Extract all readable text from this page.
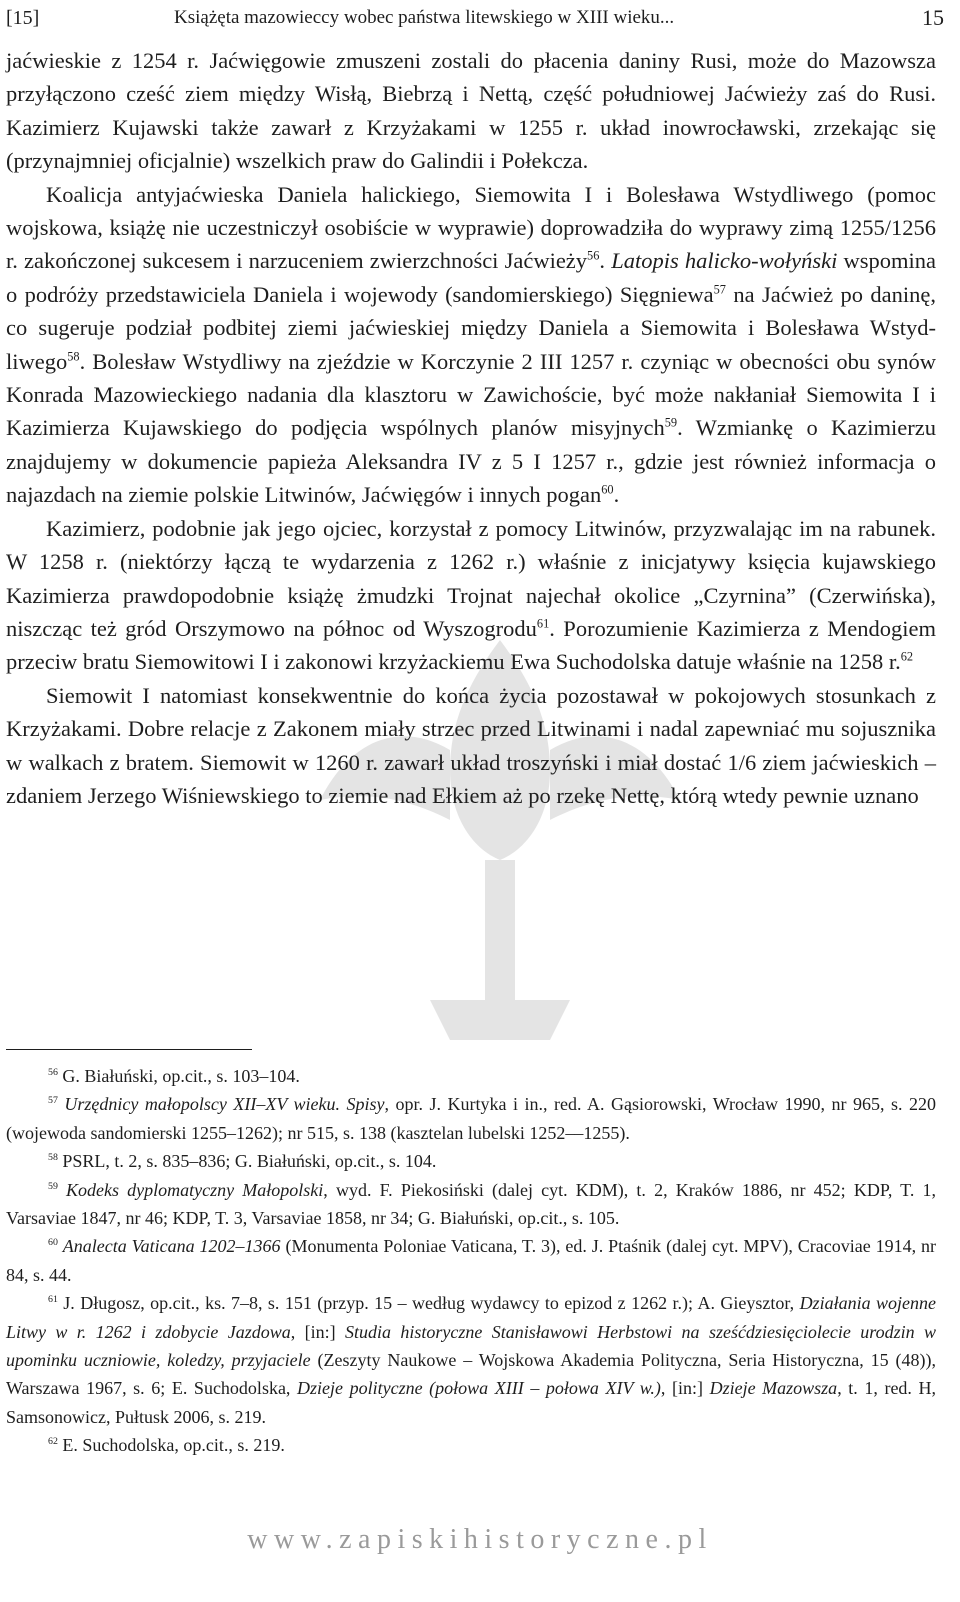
[15]	Książęta mazowieccy wobec państwa litewskiego w XIII wieku...	15

jaćwieskie z 1254 r. Jaćwięgowie zmuszeni zostali do płacenia daniny Rusi, może do Mazowsza przyłączono cześć ziem między Wisłą, Biebrzą i Nettą, część południowej Jaćwieży zaś do Rusi. Kazimierz Kujawski także zawarł z Krzyżakami w 1255 r. układ inowrocławski, zrzekając się (przynajmniej oficjalnie) wszelkich praw do Galindii i Połekcza.

Koalicja antyjaćwieska Daniela halickiego, Siemowita I i Bolesława Wstydliwego (pomoc wojskowa, książę nie uczestniczył osobiście w wyprawie) doprowadziła do wyprawy zimą 1255/1256 r. zakończonej sukcesem i narzuceniem zwierzchności Jaćwieży$^{56}$. Latopis halicko-wołyński wspomina o podróży przedstawiciela Daniela i wojewody (sandomierskiego) Sięgniewa$^{57}$ na Jaćwież po daninę, co sugeruje podział podbitej ziemi jaćwieskiej między Daniela a Siemowita i Bolesława Wstydliwego$^{58}$. Bolesław Wstydliwy na zjeździe w Korczynie 2 III 1257 r. czyniąc w obecności obu synów Konrada Mazowieckiego nadania dla klasztoru w Zawichoście, być może nakłaniał Siemowita I i Kazimierza Kujawskiego do podjęcia wspólnych planów misyjnych$^{59}$. Wzmiankę o Kazimierzu znajdujemy w dokumencie papieża Aleksandra IV z 5 I 1257 r., gdzie jest również informacja o najazdach na ziemie polskie Litwinów, Jaćwięgów i innych pogan$^{60}$.

Kazimierz, podobnie jak jego ojciec, korzystał z pomocy Litwinów, przyzwalając im na rabunek. W 1258 r. (niektórzy łączą te wydarzenia z 1262 r.) właśnie z inicjatywy księcia kujawskiego Kazimierza prawdopodobnie książę żmudzki Trojnat najechał okolice „Czyrnina” (Czerwińska), niszcząc też gród Orszymowo na północ od Wyszogrodu$^{61}$. Porozumienie Kazimierza z Mendogiem przeciw bratu Siemowitowi I i zakonowi krzyżackiemu Ewa Suchodolska datuje właśnie na 1258 r.$^{62}$

Siemowit I natomiast konsekwentnie do końca życia pozostawał w pokojowych stosunkach z Krzyżakami. Dobre relacje z Zakonem miały strzec przed Litwinami i nadal zapewniać mu sojusznika w walkach z bratem. Siemowit w 1260 r. zawarł układ troszyński i miał dostać 1/6 ziem jaćwieskich – zdaniem Jerzego Wiśniewskiego to ziemie nad Ełkiem aż po rzekę Nettę, którą wtedy pewnie uznano

$^{56}$ G. Białuński, op.cit., s. 103–104.

$^{57}$ Urzędnicy małopolscy XII–XV wieku. Spisy, opr. J. Kurtyka i in., red. A. Gąsiorowski, Wrocław 1990, nr 965, s. 220 (wojewoda sandomierski 1255–1262); nr 515, s. 138 (kasztelan lubelski 1252–​–1255).

$^{58}$ PSRL, t. 2, s. 835–836; G. Białuński, op.cit., s. 104.

$^{59}$ Kodeks dyplomatyczny Małopolski, wyd. F. Piekosiński (dalej cyt. KDM), t. 2, Kraków 1886, nr 452; KDP, T. 1, Varsaviae 1847, nr 46; KDP, T. 3, Varsaviae 1858, nr 34; G. Białuński, op.cit., s. 105.

$^{60}$ Analecta Vaticana 1202–1366 (Monumenta Poloniae Vaticana, T. 3), ed. J. Ptaśnik (dalej cyt. MPV), Cracoviae 1914, nr 84, s. 44.

$^{61}$ J. Długosz, op.cit., ks. 7–8, s. 151 (przyp. 15 – według wydawcy to epizod z 1262 r.); A. Gieysztor, Działania wojenne Litwy w r. 1262 i zdobycie Jazdowa, [in:] Studia historyczne Stanisławowi Herbstowi na sześćdziesięciolecie urodzin w upominku uczniowie, koledzy, przyjaciele (Zeszyty Naukowe – Wojskowa Akademia Polityczna, Seria Historyczna, 15 (48)), Warszawa 1967, s. 6; E. Suchodolska, Dzieje polityczne (połowa XIII – połowa XIV w.), [in:] Dzieje Mazowsza, t. 1, red. H, Samsonowicz, Pułtusk 2006, s. 219.

$^{62}$ E. Suchodolska, op.cit., s. 219.

www.zapiskihistoryczne.pl
